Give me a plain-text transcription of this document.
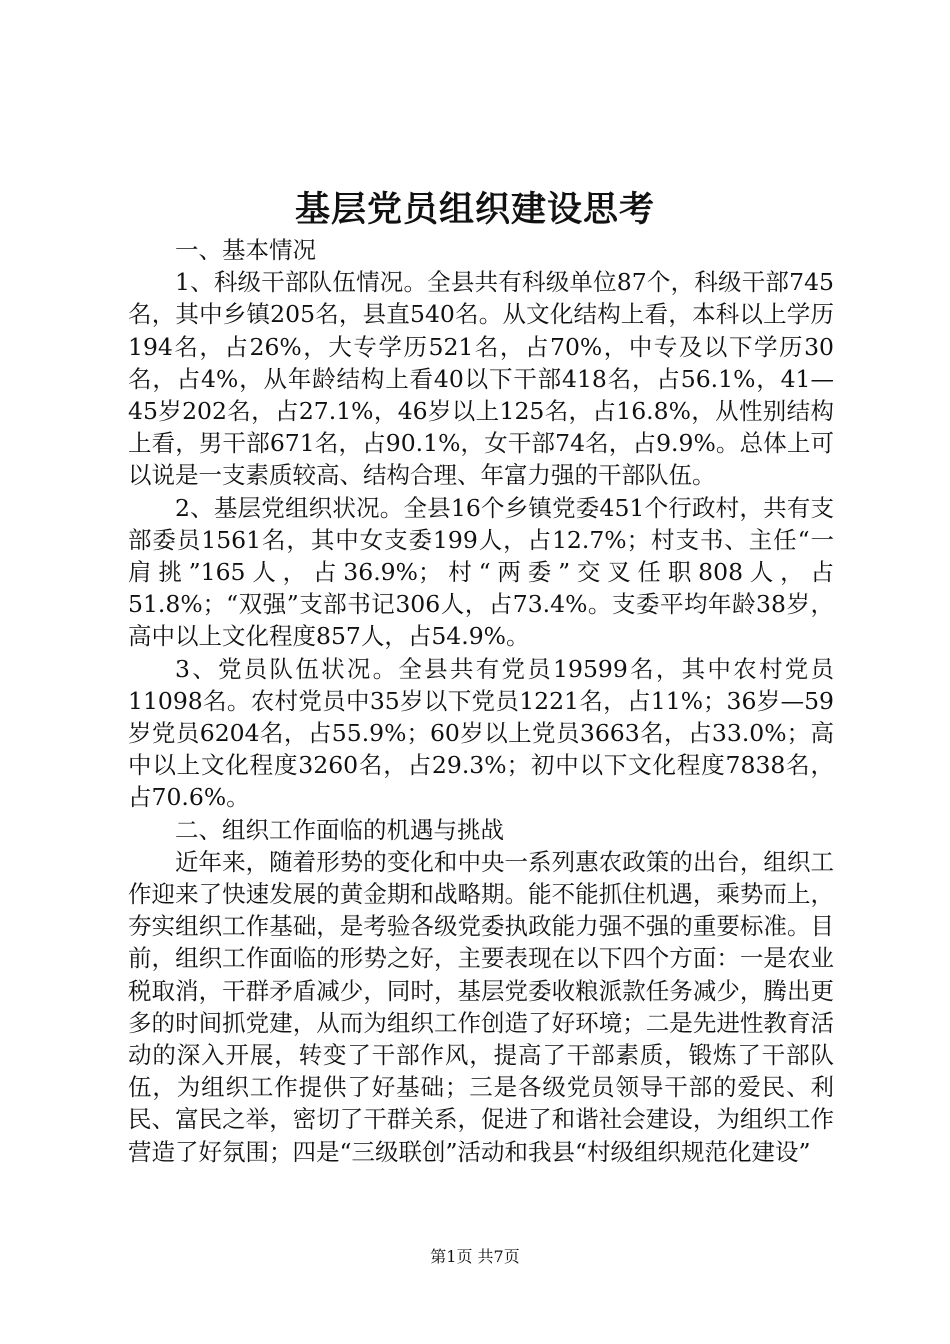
基层党员组织建设思考

一、基本情况

1、科级干部队伍情况。全县共有科级单位87个，科级干部745名，其中乡镇205名，县直540名。从文化结构上看，本科以上学历194名，占26%，大专学历521名，占70%，中专及以下学历30名，占4%，从年龄结构上看40以下干部418名，占56.1%，41—45岁202名，占27.1%，46岁以上125名，占16.8%，从性别结构上看，男干部671名，占90.1%，女干部74名，占9.9%。总体上可以说是一支素质较高、结构合理、年富力强的干部队伍。

2、基层党组织状况。全县16个乡镇党委451个行政村，共有支部委员1561名，其中女支委199人，占12.7%；村支书、主任“一肩挑”165人，占36.9%；村“两委”交叉任职808人，占51.8%；“双强”支部书记306人，占73.4%。支委平均年龄38岁，高中以上文化程度857人，占54.9%。

3、党员队伍状况。全县共有党员19599名，其中农村党员11098名。农村党员中35岁以下党员1221名，占11%；36岁—59岁党员6204名，占55.9%；60岁以上党员3663名，占33.0%；高中以上文化程度3260名，占29.3%；初中以下文化程度7838名，占70.6%。

二、组织工作面临的机遇与挑战

近年来，随着形势的变化和中央一系列惠农政策的出台，组织工作迎来了快速发展的黄金期和战略期。能不能抓住机遇，乘势而上，夯实组织工作基础，是考验各级党委执政能力强不强的重要标准。目前，组织工作面临的形势之好，主要表现在以下四个方面：一是农业税取消，干群矛盾减少，同时，基层党委收粮派款任务减少，腾出更多的时间抓党建，从而为组织工作创造了好环境；二是先进性教育活动的深入开展，转变了干部作风，提高了干部素质，锻炼了干部队伍，为组织工作提供了好基础；三是各级党员领导干部的爱民、利民、富民之举，密切了干群关系，促进了和谐社会建设，为组织工作营造了好氛围；四是“三级联创”活动和我县“村级组织规范化建设”

第1页 共7页
